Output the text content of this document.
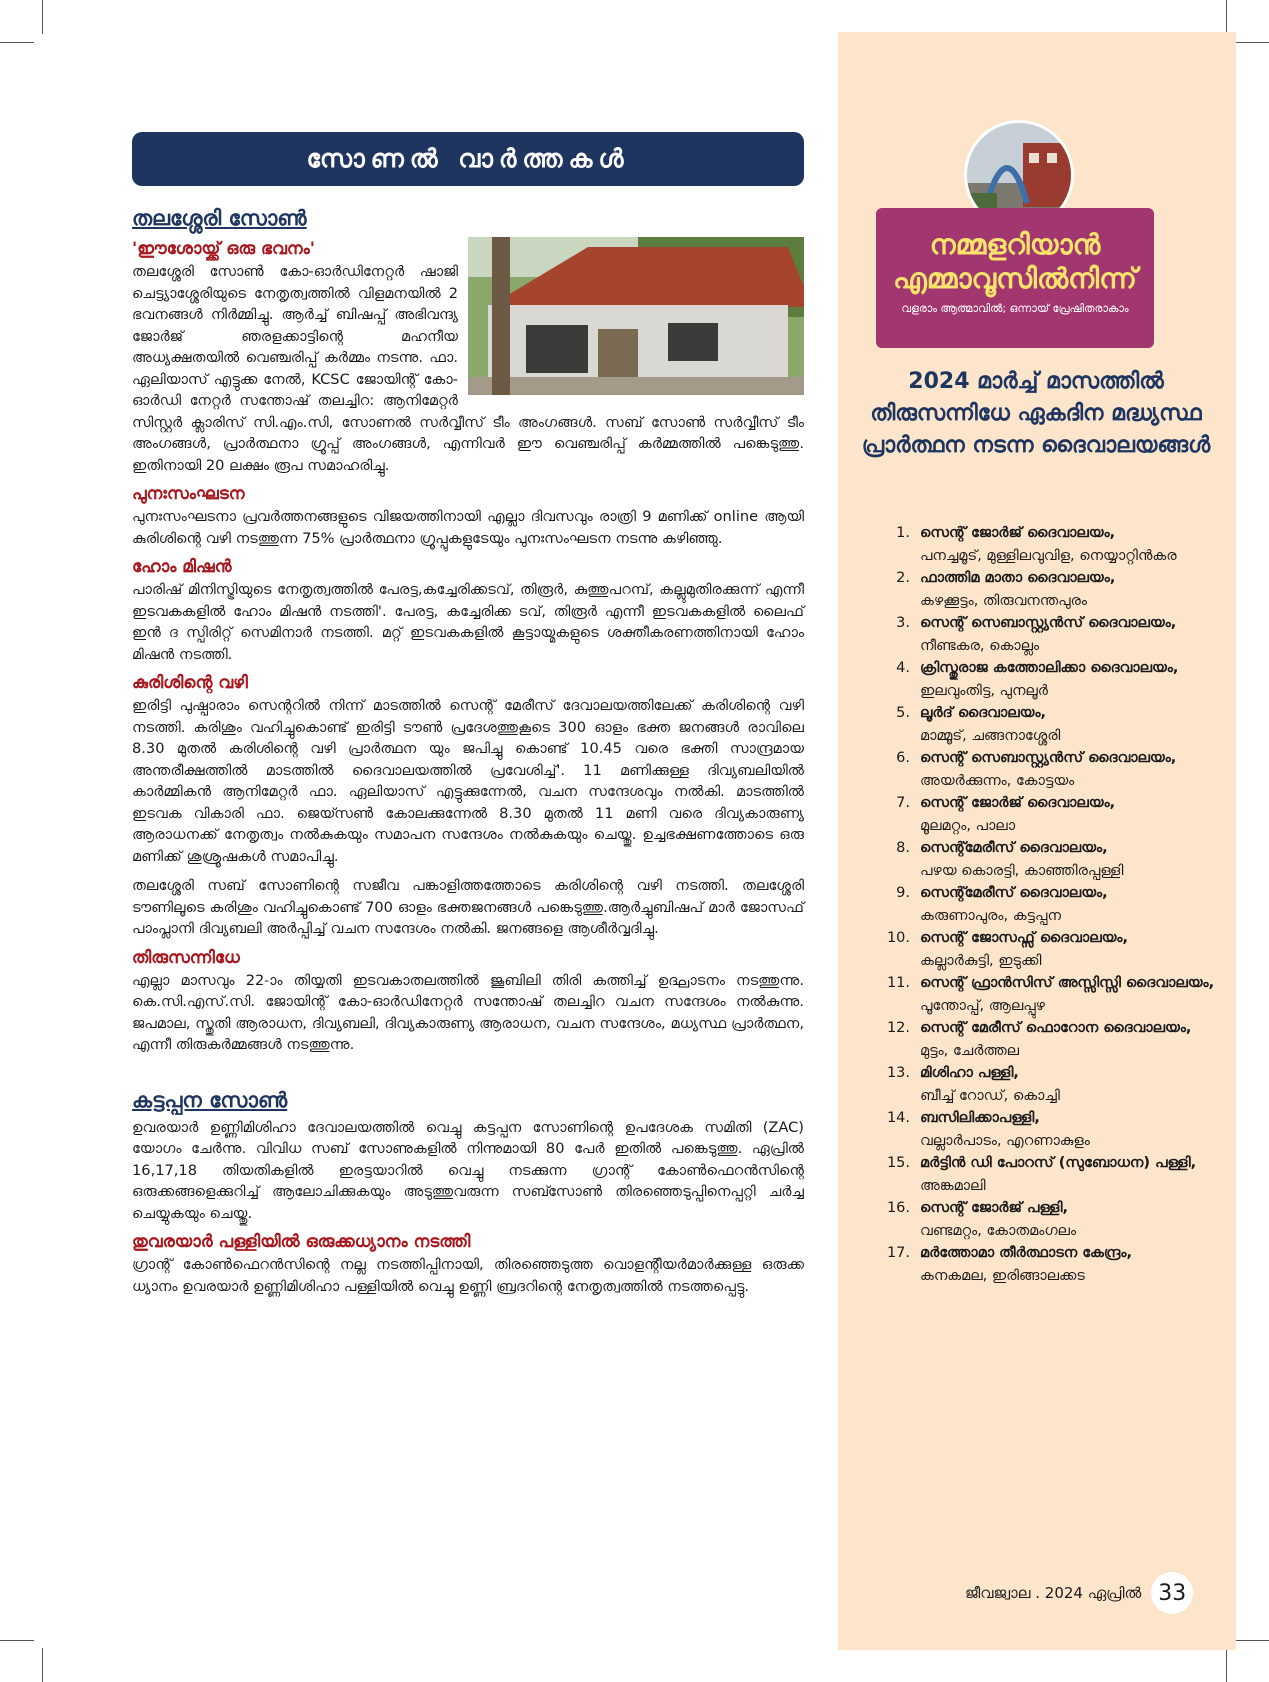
സോണൽ വാർത്തകൾ
തലശ്ശേരി സോൺ
'ഈശോയ്ക്ക് ഒരു ഭവനം'

തലശ്ശേരി സോൺ കോ-ഓർഡിനേറ്റർ ഷാജി ചെട്ട്യാശ്ശേരിയുടെ നേതൃത്വത്തിൽ വിളമനയിൽ 2 ഭവനങ്ങൾ നിർമ്മിച്ചു. ആർച്ച് ബിഷപ്പ് അഭിവന്ദ്യ ജോർജ് ഞരളക്കാട്ടിന്റെ മഹനീയ അധ്യക്ഷതയിൽ വെഞ്ചരിപ്പ് കർമ്മം നടന്നു. ഫാ. ഏലിയാസ് എട്ടുക്ക നേൽ, KCSC ജോയിന്റ് കോ-ഓർഡി നേറ്റർ സന്തോഷ് തലച്ചിറ: ആനിമേറ്റർ സിസ്റ്റർ ക്ലാരിസ് സി.എം.സി, സോണൽ സർവ്വീസ് ടീം അംഗങ്ങൾ. സബ് സോൺ സർവ്വീസ് ടീം അംഗങ്ങൾ, പ്രാർത്ഥനാ ഗ്രൂപ്പ് അംഗങ്ങൾ, എന്നിവർ ഈ വെഞ്ചരിപ്പ് കർമ്മത്തിൽ പങ്കെടുത്തു. ഇതിനായി 20 ലക്ഷം രൂപ സമാഹരിച്ചു.

പുനഃസംഘടന

പുനഃസംഘടനാ പ്രവർത്തനങ്ങളുടെ വിജയത്തിനായി എല്ലാ ദിവസവും രാത്രി 9 മണിക്ക് online ആയി കുരിശിന്റെ വഴി നടത്തുന്ന 75% പ്രാർത്ഥനാ ഗ്രൂപ്പുകളുടേയും പുനഃസംഘടന നടന്നു കഴിഞ്ഞു.

ഹോം മിഷൻ

പാരിഷ് മിനിസ്ട്രിയുടെ നേതൃത്വത്തിൽ പേരട്ട,കച്ചേരിക്കടവ്, തിരൂർ, കുത്തുപറമ്പ്, കല്ലുമുതിരക്കുന്ന് എന്നീ ഇടവകകളിൽ ഹോം മിഷൻ നടത്തി'. പേരട്ട, കച്ചേരിക്ക ടവ്, തിരൂർ എന്നീ ഇടവകകളിൽ ലൈഫ് ഇൻ ദ സ്പിരിറ്റ് സെമിനാർ നടത്തി. മറ്റ് ഇടവകകളിൽ കൂട്ടായ്മകളുടെ ശക്തീകരണത്തിനായി ഹോം മിഷൻ നടത്തി.

കുരിശിന്റെ വഴി

ഇരിട്ടി പുഷ്പാരാം സെന്ററിൽ നിന്ന് മാടത്തിൽ സെന്റ് മേരീസ് ദേവാലയത്തിലേക്ക് കരിശിന്റെ വഴി നടത്തി. കരിശും വഹിച്ചുകൊണ്ട് ഇരിട്ടി ടൗൺ പ്രദേശത്തുകൂടെ 300 ഓളം ഭക്ത ജനങ്ങൾ രാവിലെ 8.30 മുതൽ കരിശിന്റെ വഴി പ്രാർത്ഥന യും ജപിച്ചു കൊണ്ട് 10.45 വരെ ഭക്തി സാന്ദ്രമായ അന്തരീക്ഷത്തിൽ മാടത്തിൽ ദൈവാലയത്തിൽ പ്രവേശിച്ച്'. 11 മണിക്കുള്ള ദിവ്യബലിയിൽ കാർമ്മികൻ ആനിമേറ്റർ ഫാ. ഏലിയാസ് എട്ടുക്കുന്നേൽ, വചന സന്ദേശവും നൽകി. മാടത്തിൽ ഇടവക വികാരി ഫാ. ജെയ്സൺ കോലക്കുന്നേൽ 8.30 മുതൽ 11 മണി വരെ ദിവ്യകാരുണ്യ ആരാധനക്ക് നേതൃത്വം നൽകുകയും സമാപന സന്ദേശം നൽകുകയും ചെയ്തു. ഉച്ചഭക്ഷണത്തോടെ ഒരു മണിക്ക് ശുശ്രൂഷകൾ സമാപിച്ചു.

തലശ്ശേരി സബ് സോണിന്റെ സജീവ പങ്കാളിത്തത്തോടെ കരിശിന്റെ വഴി നടത്തി. തലശ്ശേരി ടൗണിലൂടെ കരിശും വഹിച്ചുകൊണ്ട് 700 ഓളം ഭക്തജനങ്ങൾ പങ്കെടുത്തു.ആർച്ചുബിഷപ് മാർ ജോസഫ് പാംപ്ലാനി ദിവ്യബലി അർപ്പിച്ച് വചന സന്ദേശം നൽകി. ജനങ്ങളെ ആശീർവ്വദിച്ചു.

തിരുസന്നിധേ

എല്ലാ മാസവും 22-ാം തിയ്യതി ഇടവകാതലത്തിൽ ജൂബിലി തിരി കത്തിച്ച് ഉദ്ഘാടനം നടത്തുന്നു. കെ.സി.എസ്.സി. ജോയിന്റ് കോ-ഓർഡിനേറ്റർ സന്തോഷ് തലച്ചിറ വചന സന്ദേശം നൽകുന്നു. ജപമാല, സ്തുതി ആരാധന, ദിവ്യബലി, ദിവ്യകാരുണ്യ ആരാധന, വചന സന്ദേശം, മധ്യസ്ഥ പ്രാർത്ഥന, എന്നീ തിരുകർമ്മങ്ങൾ നടത്തുന്നു.

കട്ടപ്പന സോൺ

ഉവരയാർ ഉണ്ണിമിശിഹാ ദേവാലയത്തിൽ വെച്ചു കട്ടപ്പന സോണിന്റെ ഉപദേശക സമിതി (ZAC) യോഗം ചേർന്നു. വിവിധ സബ് സോണുകളിൽ നിന്നുമായി 80 പേർ ഇതിൽ പങ്കെടുത്തു. ഏപ്രിൽ 16,17,18 തിയതികളിൽ ഇരട്ടയാറിൽ വെച്ചു നടക്കുന്ന ഗ്രാന്റ് കോൺഫെറൻസിന്റെ ഒരുക്കങ്ങളെക്കുറിച്ച് ആലോചിക്കുകയും അടുത്തുവരുന്ന സബ്സോൺ തിരഞ്ഞെടുപ്പിനെപ്പറ്റി ചർച്ച ചെയ്യുകയും ചെയ്തു.

തുവരയാർ പള്ളിയിൽ ഒരുക്കധ്യാനം നടത്തി

ഗ്രാന്റ് കോൺഫെറൻസിന്റെ നല്ല നടത്തിപ്പിനായി, തിരഞ്ഞെടുത്ത വൊളന്റീയർമാർക്കുള്ള ഒരുക്ക ധ്യാനം ഉവരയാർ ഉണ്ണിമിശിഹാ പള്ളിയിൽ വെച്ചു ഉണ്ണി ബ്രദറിന്റെ നേതൃത്വത്തിൽ നടത്തപ്പെട്ടു.

നമ്മളറിയാൻ എമ്മാവൂസിൽനിന്ന്
വളരാം ആത്മാവിൽ; ഒന്നായ് പ്രേഷിതരാകാം
2024 മാർച്ച് മാസത്തിൽ തിരുസന്നിധേ ഏകദിന മദ്ധ്യസ്ഥ പ്രാർത്ഥന നടന്ന ദൈവാലയങ്ങൾ
1. സെന്റ് ജോർജ് ദൈവാലയം,
പനച്ചമൂട്, മുള്ളിലവുവിള, നെയ്യാറ്റിൻകര
2. ഫാത്തിമ മാതാ ദൈവാലയം,
കഴക്കൂട്ടം, തിരുവനന്തപുരം
3. സെന്റ് സെബാസ്റ്റ്യൻസ് ദൈവാലയം,
നീണ്ടകര, കൊല്ലം
4. ക്രിസ്തുരാജ കത്തോലിക്കാ ദൈവാലയം,
ഇലവുംതിട്ട, പുനലൂർ
5. ലൂർദ് ദൈവാലയം,
മാമ്മൂട്, ചങ്ങനാശ്ശേരി
6. സെന്റ് സെബാസ്റ്റ്യൻസ് ദൈവാലയം,
അയർക്കുന്നം, കോട്ടയം
7. സെന്റ് ജോർജ് ദൈവാലയം,
മൂലമറ്റം, പാലാ
8. സെന്റ്മേരീസ് ദൈവാലയം,
പഴയ കൊരട്ടി, കാഞ്ഞിരപ്പള്ളി
9. സെന്റ്മേരീസ് ദൈവാലയം,
കരുണാപുരം, കട്ടപ്പന
10. സെന്റ് ജോസഫ്സ് ദൈവാലയം,
കല്ലാർകുട്ടി, ഇടുക്കി
11. സെന്റ് ഫ്രാൻസിസ് അസ്സിസ്സി ദൈവാലയം,
പൂന്തോപ്പ്, ആലപ്പുഴ
12. സെന്റ് മേരീസ് ഫൊറോന ദൈവാലയം,
മുട്ടം, ചേർത്തല
13. മിശിഹാ പള്ളി,
ബീച്ച് റോഡ്, കൊച്ചി
14. ബസിലിക്കാപള്ളി,
വല്ലാർപാടം, എറണാകുളം
15. മർട്ടിൻ ഡി പോറസ് (സുബോധന) പള്ളി,
അങ്കമാലി
16. സെന്റ് ജോർജ് പള്ളി,
വണ്ടമറ്റം, കോതമംഗലം
17. മർത്തോമാ തീർത്ഥാടന കേന്ദ്രം,
കനകമല, ഇരിങ്ങാലക്കട
ജീവജ്വാല . 2024 ഏപ്രിൽ 33
